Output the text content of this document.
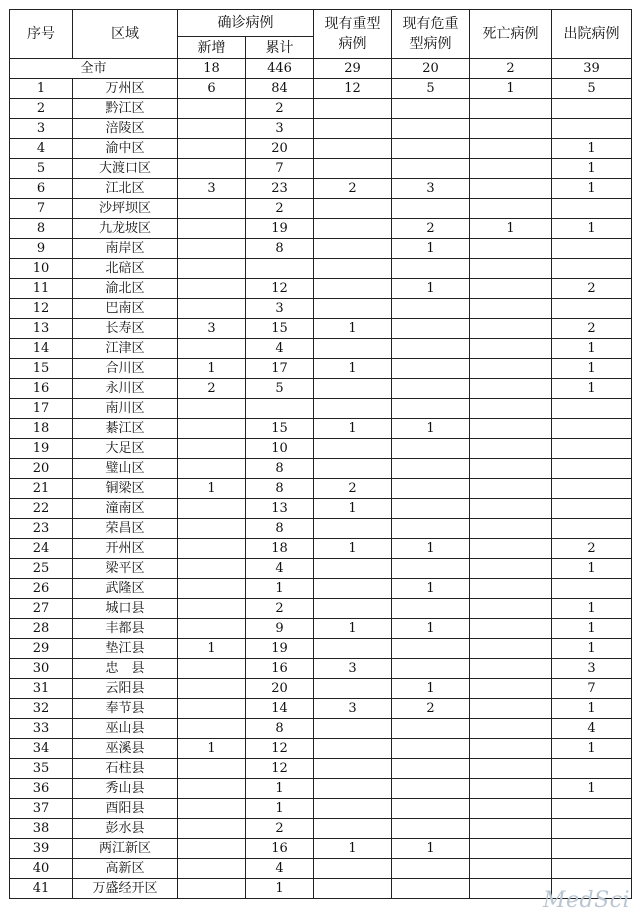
序号	区域	确诊病例		现有重型病例	现有危重型病例	死亡病例	出院病例
		新增	累计				
全市		18	446	29	20	2	39
1	万州区	6	84	12	5	1	5
2	黔江区		2				
3	涪陵区		3				
4	渝中区		20				1
5	大渡口区		7				1
6	江北区	3	23	2	3		1
7	沙坪坝区		2				
8	九龙坡区		19		2	1	1
9	南岸区		8		1		
10	北碚区						
11	渝北区		12		1		2
12	巴南区		3				
13	长寿区	3	15	1			2
14	江津区		4				1
15	合川区	1	17	1			1
16	永川区	2	5				1
17	南川区						
18	綦江区		15	1	1		
19	大足区		10				
20	璧山区		8				
21	铜梁区	1	8	2			
22	潼南区		13	1			
23	荣昌区		8				
24	开州区		18	1	1		2
25	梁平区		4				1
26	武隆区		1		1		
27	城口县		2				1
28	丰都县		9	1	1		1
29	垫江县	1	19				1
30	忠　县		16	3			3
31	云阳县		20		1		7
32	奉节县		14	3	2		1
33	巫山县		8				4
34	巫溪县	1	12				1
35	石柱县		12				
36	秀山县		1				1
37	酉阳县		1				
38	彭水县		2				
39	两江新区		16	1	1		
40	高新区		4				
41	万盛经开区		1					MedSci
